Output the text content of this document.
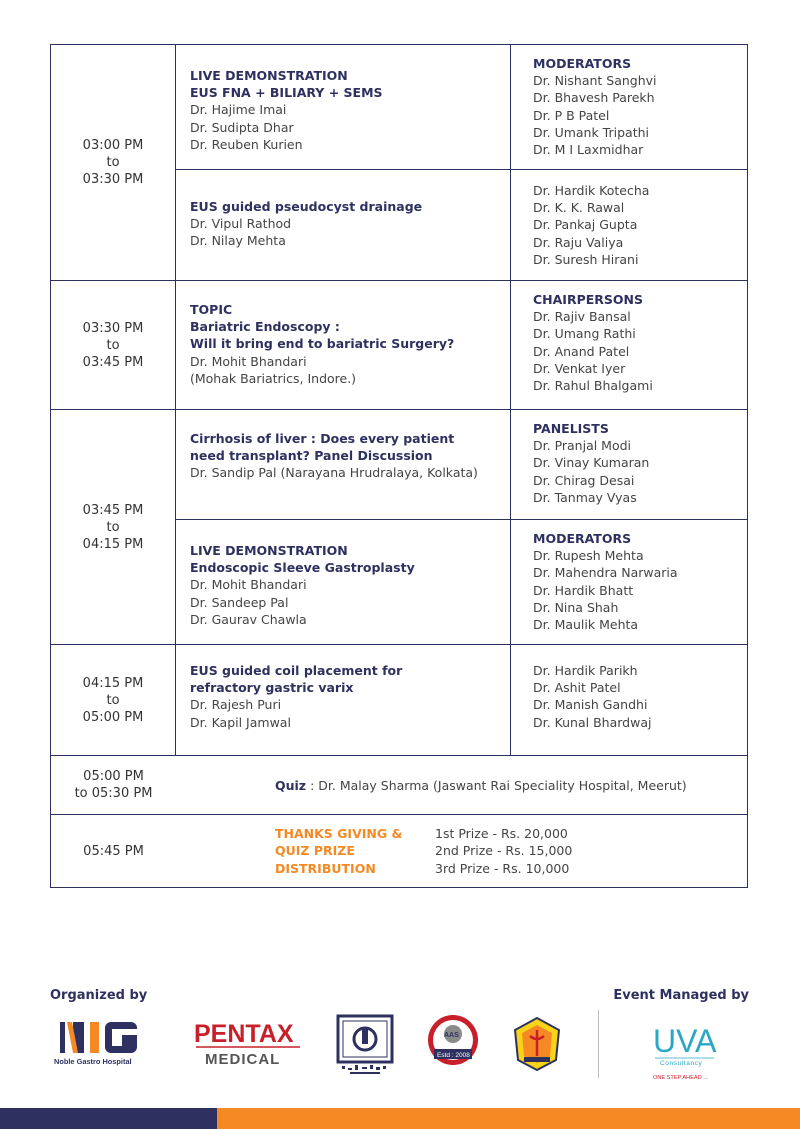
03:00 PM
to
03:30 PM
LIVE DEMONSTRATION
EUS FNA + BILIARY + SEMS
Dr. Hajime Imai
Dr. Sudipta Dhar
Dr. Reuben Kurien
MODERATORS
Dr. Nishant Sanghvi
Dr. Bhavesh Parekh
Dr. P B Patel
Dr. Umank Tripathi
Dr. M I Laxmidhar
EUS guided pseudocyst drainage
Dr. Vipul Rathod
Dr. Nilay Mehta
Dr. Hardik Kotecha
Dr. K. K. Rawal
Dr. Pankaj Gupta
Dr. Raju Valiya
Dr. Suresh Hirani
03:30 PM
to
03:45 PM
TOPIC
Bariatric Endoscopy :
Will it bring end to bariatric Surgery?
Dr. Mohit Bhandari
(Mohak Bariatrics, Indore.)
CHAIRPERSONS
Dr. Rajiv Bansal
Dr. Umang Rathi
Dr. Anand Patel
Dr. Venkat Iyer
Dr. Rahul Bhalgami
03:45 PM
to
04:15 PM
Cirrhosis of liver : Does every patient
need transplant? Panel Discussion
Dr. Sandip Pal (Narayana Hrudralaya, Kolkata)
PANELISTS
Dr. Pranjal Modi
Dr. Vinay Kumaran
Dr. Chirag Desai
Dr. Tanmay Vyas
LIVE DEMONSTRATION
Endoscopic Sleeve Gastroplasty
Dr. Mohit Bhandari
Dr. Sandeep Pal
Dr. Gaurav Chawla
MODERATORS
Dr. Rupesh Mehta
Dr. Mahendra Narwaria
Dr. Hardik Bhatt
Dr. Nina Shah
Dr. Maulik Mehta
04:15 PM
to
05:00 PM
EUS guided coil placement for
refractory gastric varix
Dr. Rajesh Puri
Dr. Kapil Jamwal
Dr. Hardik Parikh
Dr. Ashit Patel
Dr. Manish Gandhi
Dr. Kunal Bhardwaj
05:00 PM
to 05:30 PM
Quiz : Dr. Malay Sharma (Jaswant Rai Speciality Hospital, Meerut)
05:45 PM
THANKS GIVING &
QUIZ PRIZE DISTRIBUTION
1st Prize - Rs. 20,000
2nd Prize - Rs. 15,000
3rd Prize - Rs. 10,000
Organized by	Event Managed by
Noble Gastro Hospital
PENTAX
MEDICAL
AAS
Estd : 2008	UVA
Consultancy
ONE STEP AHEAD ...
